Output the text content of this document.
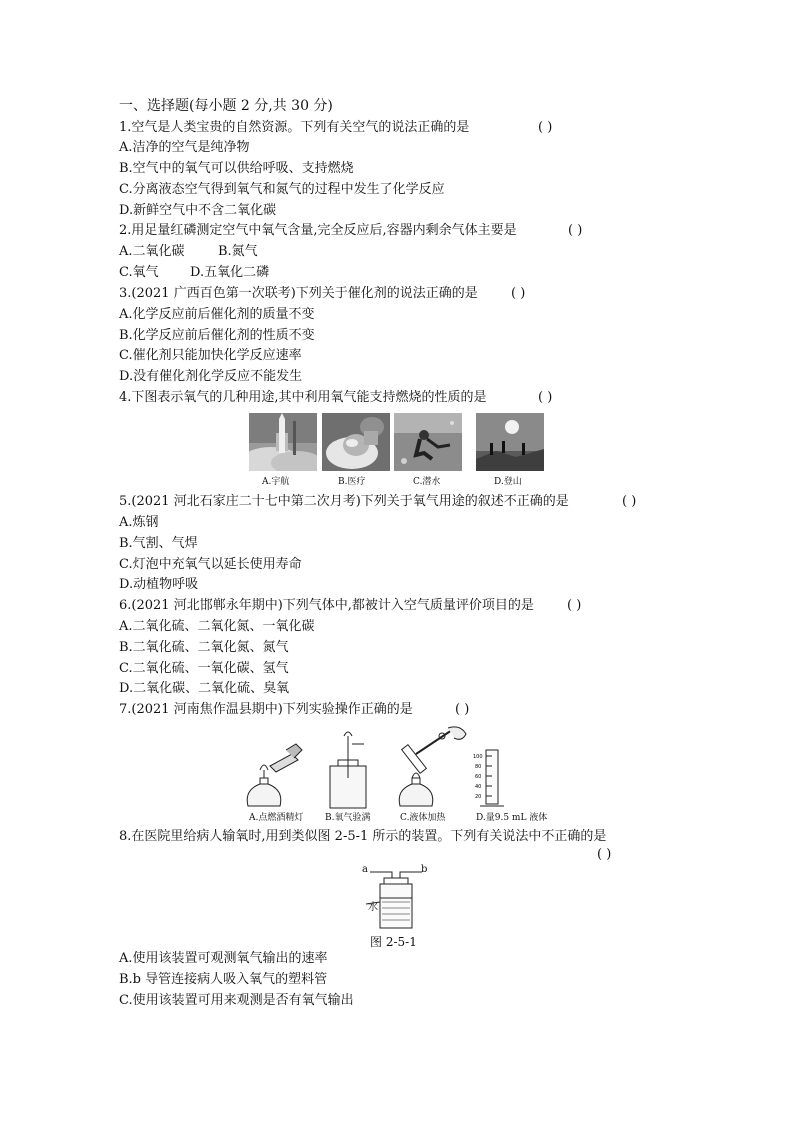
一、选择题(每小题 2 分,共 30 分)
1.空气是人类宝贵的自然资源。下列有关空气的说法正确的是	( )
A.洁净的空气是纯净物
B.空气中的氧气可以供给呼吸、支持燃烧
C.分离液态空气得到氧气和氮气的过程中发生了化学反应
D.新鲜空气中不含二氧化碳
2.用足量红磷测定空气中氧气含量,完全反应后,容器内剩余气体主要是	( )
A.二氧化碳	B.氮气
C.氧气 D.五氧化二磷
3.(2021 广西百色第一次联考)下列关于催化剂的说法正确的是	( )
A.化学反应前后催化剂的质量不变
B.化学反应前后催化剂的性质不变
C.催化剂只能加快化学反应速率
D.没有催化剂化学反应不能发生
4.下图表示氧气的几种用途,其中利用氧气能支持燃烧的性质的是	( )
A.宇航	B.医疗	C.潜水	D.登山
5.(2021 河北石家庄二十七中第二次月考)下列关于氧气用途的叙述不正确的是	( )
A.炼钢
B.气割、气焊
C.灯泡中充氧气以延长使用寿命
D.动植物呼吸
6.(2021 河北邯郸永年期中)下列气体中,都被计入空气质量评价项目的是	( )
A.二氧化硫、二氧化氮、一氧化碳
B.二氧化硫、二氧化氮、氮气
C.二氧化硫、一氧化碳、氢气
D.二氧化碳、二氧化硫、臭氧
7.(2021 河南焦作温县期中)下列实验操作正确的是	( )
100
80
60
40
20
A.点燃酒精灯 B.氧气验满	C.液体加热	D.量9.5 mL 液体
8.在医院里给病人输氧时,用到类似图 2-5-1 所示的装置。下列有关说法中不正确的是
( )
a	b
水
图 2-5-1
A.使用该装置可观测氧气输出的速率
B.b 导管连接病人吸入氧气的塑料管
C.使用该装置可用来观测是否有氧气输出
